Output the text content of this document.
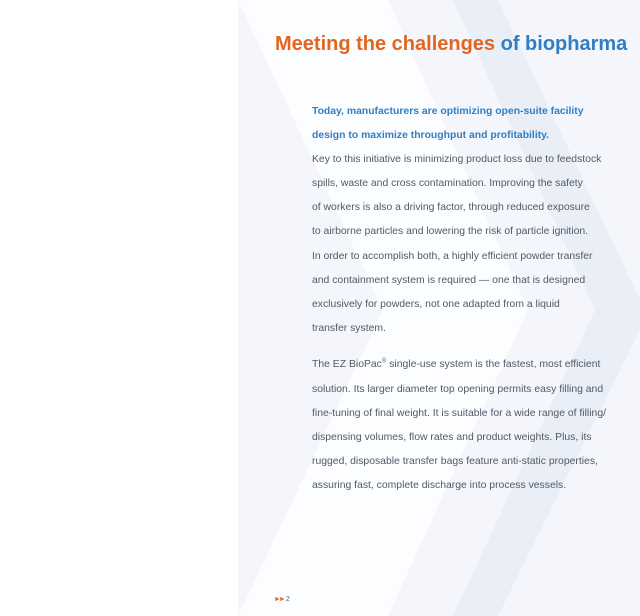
Meeting the challenges of biopharma

Today, manufacturers are optimizing open-suite facility
design to maximize throughput and profitability.

Key to this initiative is minimizing product loss due to feedstock
spills, waste and cross contamination. Improving the safety
of workers is also a driving factor, through reduced exposure
to airborne particles and lowering the risk of particle ignition.
In order to accomplish both, a highly efficient powder transfer
and containment system is required — one that is designed
exclusively for powders, not one adapted from a liquid
transfer system.

The EZ BioPac® single-use system is the fastest, most efficient
solution. Its larger diameter top opening permits easy filling and
fine-tuning of final weight. It is suitable for a wide range of filling/
dispensing volumes, flow rates and product weights. Plus, its
rugged, disposable transfer bags feature anti-static properties,
assuring fast, complete discharge into process vessels.

►► 2
